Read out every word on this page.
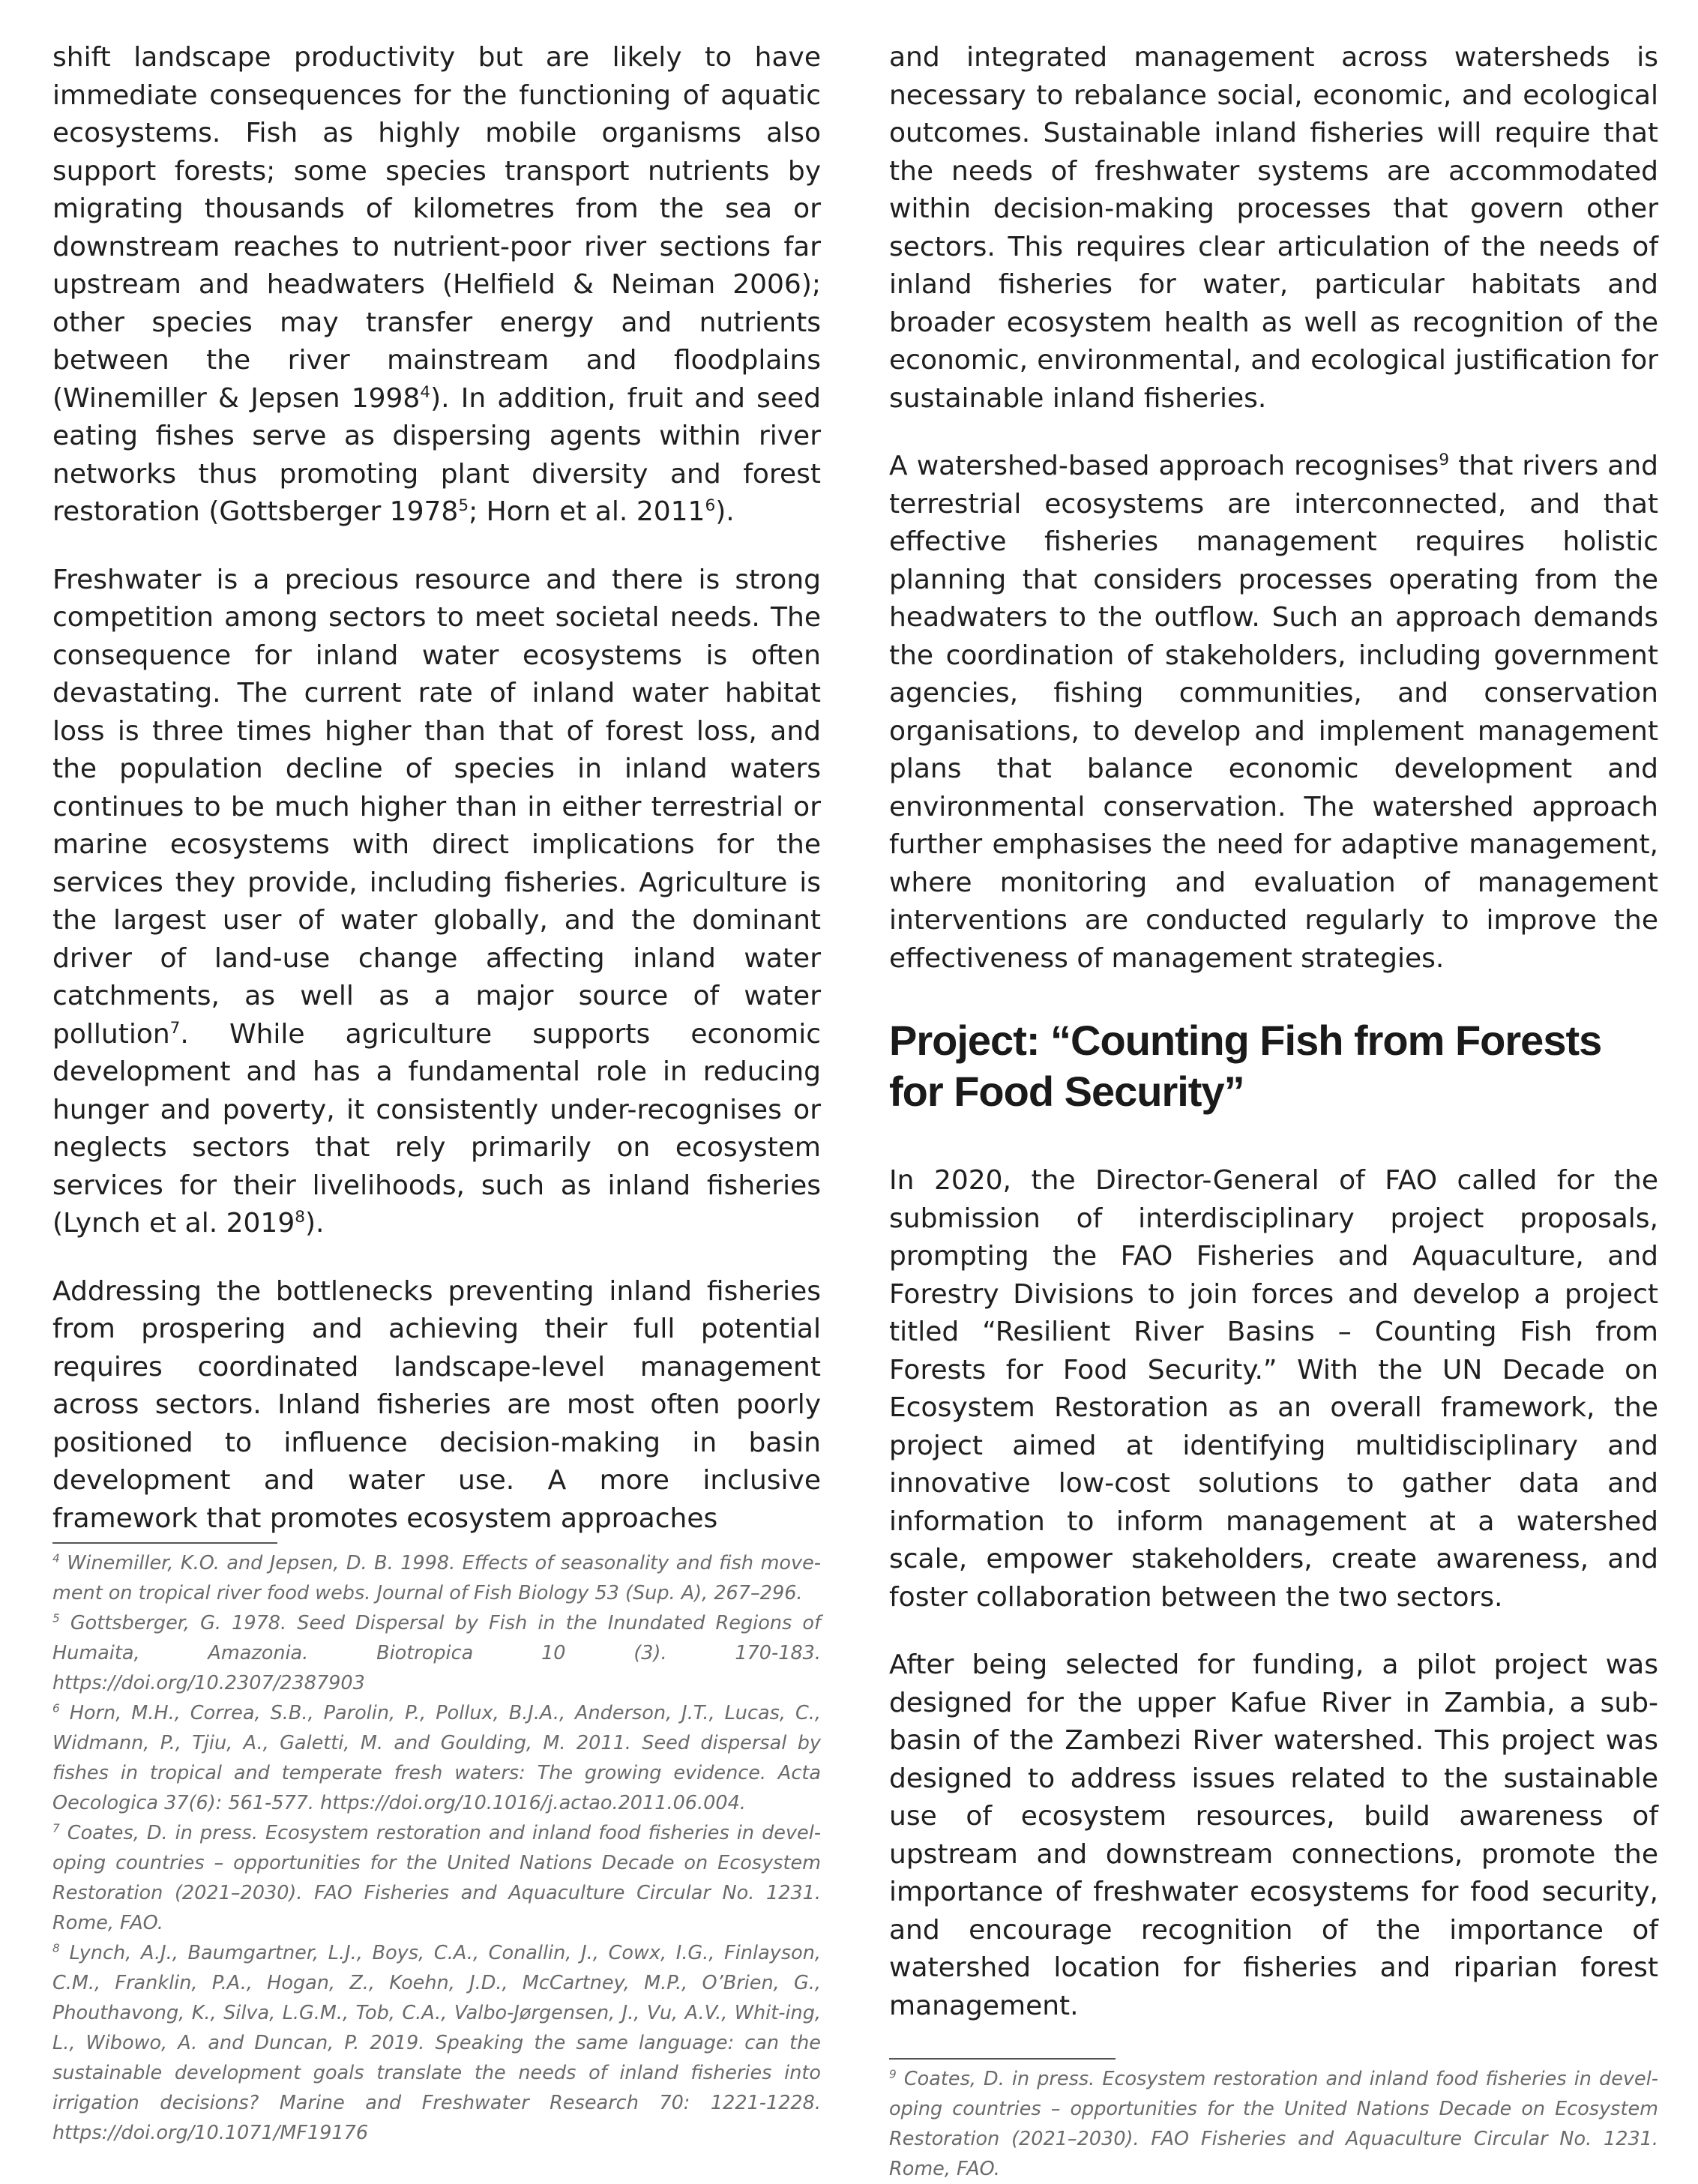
shift landscape productivity but are likely to have immediate consequences for the functioning of aquatic ecosystems. Fish as highly mobile organisms also support forests; some species transport nutrients by migrating thousands of kilometres from the sea or downstream reaches to nutrient-poor river sections far upstream and headwaters (Helfield & Neiman 2006); other species may transfer energy and nutrients between the river mainstream and floodplains (Winemiller & Jepsen 1998$^4$). In addition, fruit and seed eating fishes serve as dispersing agents within river networks thus promoting plant diversity and forest restoration (Gottsberger 1978$^5$; Horn et al. 2011$^6$).

Freshwater is a precious resource and there is strong competition among sectors to meet societal needs. The consequence for inland water ecosystems is often devastating. The current rate of inland water habitat loss is three times higher than that of forest loss, and the population decline of species in inland waters continues to be much higher than in either terrestrial or marine ecosystems with direct implications for the services they provide, including fisheries. Agriculture is the largest user of water globally, and the dominant driver of land-use change affecting inland water catchments, as well as a major source of water pollution$^7$. While agriculture supports economic development and has a fundamental role in reducing hunger and poverty, it consistently under-recognises or neglects sectors that rely primarily on ecosystem services for their livelihoods, such as inland fisheries (Lynch et al. 2019$^8$).

Addressing the bottlenecks preventing inland fisheries from prospering and achieving their full potential requires coordinated landscape-level management across sectors. Inland fisheries are most often poorly positioned to influence decision-making in basin development and water use. A more inclusive framework that promotes ecosystem approaches

$^4$ Winemiller, K.O. and Jepsen, D. B. 1998. Effects of seasonality and fish move-ment on tropical river food webs. Journal of Fish Biology 53 (Sup. A), 267–296.

$^5$ Gottsberger, G. 1978. Seed Dispersal by Fish in the Inundated Regions of Humaita, Amazonia. Biotropica 10 (3). 170-183. https://doi.org/10.2307/2387903

$^6$ Horn, M.H., Correa, S.B., Parolin, P., Pollux, B.J.A., Anderson, J.T., Lucas, C., Widmann, P., Tjiu, A., Galetti, M. and Goulding, M. 2011. Seed dispersal by fishes in tropical and temperate fresh waters: The growing evidence. Acta Oecologica 37(6): 561-577. https://doi.org/10.1016/j.actao.2011.06.004.

$^7$ Coates, D. in press. Ecosystem restoration and inland food fisheries in devel-oping countries – opportunities for the United Nations Decade on Ecosystem Restoration (2021–2030). FAO Fisheries and Aquaculture Circular No. 1231. Rome, FAO.

$^8$ Lynch, A.J., Baumgartner, L.J., Boys, C.A., Conallin, J., Cowx, I.G., Finlayson, C.M., Franklin, P.A., Hogan, Z., Koehn, J.D., McCartney, M.P., O’Brien, G., Phouthavong, K., Silva, L.G.M., Tob, C.A., Valbo-Jørgensen, J., Vu, A.V., Whit-ing, L., Wibowo, A. and Duncan, P. 2019. Speaking the same language: can the sustainable development goals translate the needs of inland fisheries into irrigation decisions? Marine and Freshwater Research 70: 1221-1228. https://doi.org/10.1071/MF19176

and integrated management across watersheds is necessary to rebalance social, economic, and ecological outcomes. Sustainable inland fisheries will require that the needs of freshwater systems are accommodated within decision-making processes that govern other sectors. This requires clear articulation of the needs of inland fisheries for water, particular habitats and broader ecosystem health as well as recognition of the economic, environmental, and ecological justification for sustainable inland fisheries.

A watershed-based approach recognises$^9$ that rivers and terrestrial ecosystems are interconnected, and that effective fisheries management requires holistic planning that considers processes operating from the headwaters to the outflow. Such an approach demands the coordination of stakeholders, including government agencies, fishing communities, and conservation organisations, to develop and implement management plans that balance economic development and environmental conservation. The watershed approach further emphasises the need for adaptive management, where monitoring and evaluation of management interventions are conducted regularly to improve the effectiveness of management strategies.

Project: “Counting Fish from Forests for Food Security”

In 2020, the Director-General of FAO called for the submission of interdisciplinary project proposals, prompting the FAO Fisheries and Aquaculture, and Forestry Divisions to join forces and develop a project titled “Resilient River Basins – Counting Fish from Forests for Food Security.” With the UN Decade on Ecosystem Restoration as an overall framework, the project aimed at identifying multidisciplinary and innovative low-cost solutions to gather data and information to inform management at a watershed scale, empower stakeholders, create awareness, and foster collaboration between the two sectors.

After being selected for funding, a pilot project was designed for the upper Kafue River in Zambia, a sub-basin of the Zambezi River watershed. This project was designed to address issues related to the sustainable use of ecosystem resources, build awareness of upstream and downstream connections, promote the importance of freshwater ecosystems for food security, and encourage recognition of the importance of watershed location for fisheries and riparian forest management.

$^9$ Coates, D. in press. Ecosystem restoration and inland food fisheries in devel-oping countries – opportunities for the United Nations Decade on Ecosystem Restoration (2021–2030). FAO Fisheries and Aquaculture Circular No. 1231. Rome, FAO.
